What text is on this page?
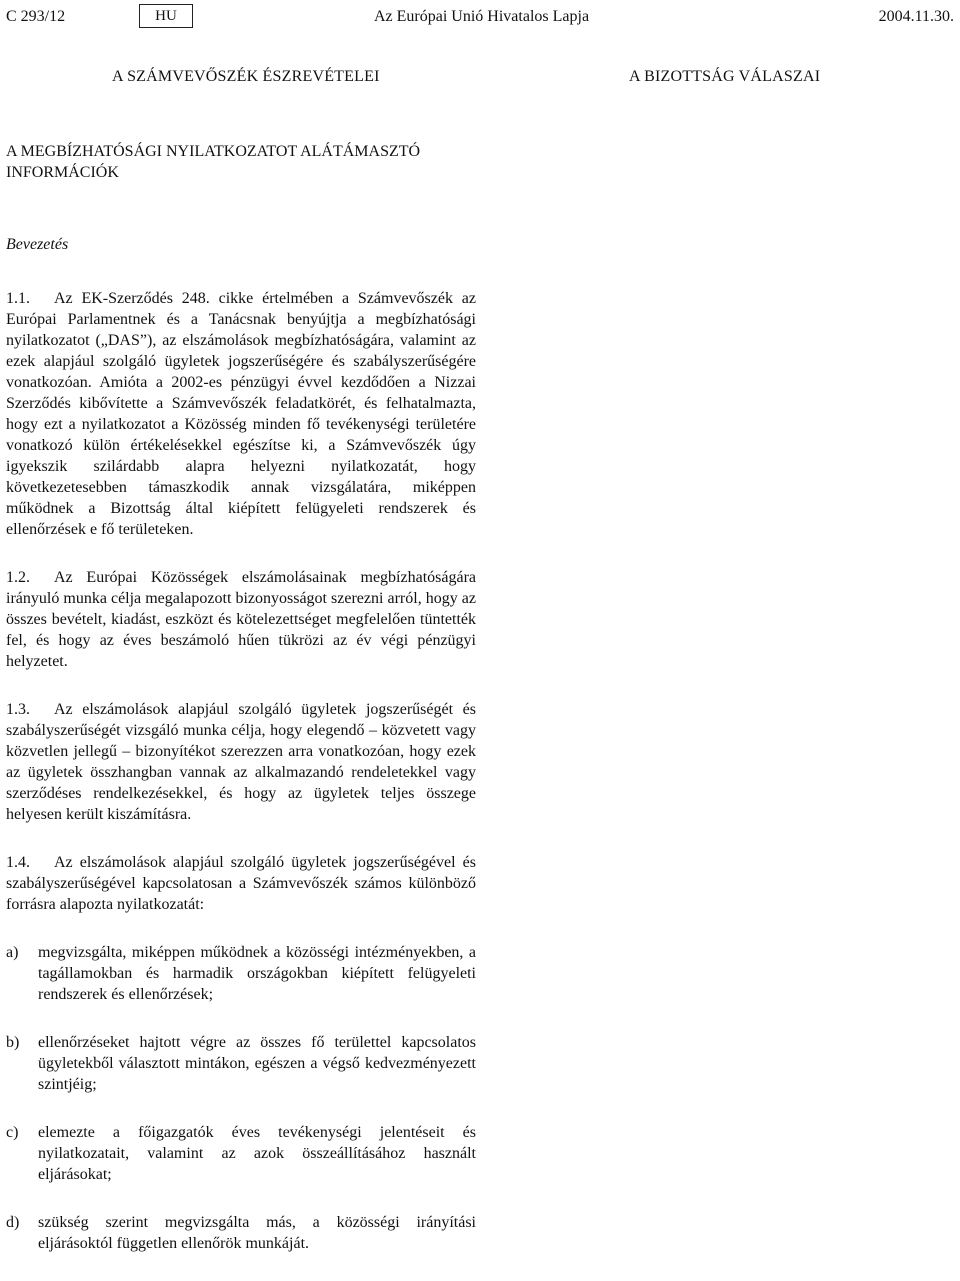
C 293/12	HU	Az Európai Unió Hivatalos Lapja	2004.11.30.
A SZÁMVEVŐSZÉK ÉSZREVÉTELEI	A BIZOTTSÁG VÁLASZAI
A MEGBÍZHATÓSÁGI NYILATKOZATOT ALÁTÁMASZTÓ INFORMÁCIÓK
Bevezetés

1.1. Az EK-Szerződés 248. cikke értelmében a Számvevőszék az Európai Parlamentnek és a Tanácsnak benyújtja a megbízhatósági nyilatkozatot („DAS”), az elszámolások megbízhatóságára, valamint az ezek alapjául szolgáló ügyletek jogszerűségére és szabályszerűségére vonatkozóan. Amióta a 2002-es pénzügyi évvel kezdődően a Nizzai Szerződés kibővítette a Számvevőszék feladatkörét, és felhatalmazta, hogy ezt a nyilatkozatot a Közösség minden fő tevékenységi területére vonatkozó külön értékelésekkel egészítse ki, a Számvevőszék úgy igyekszik szilárdabb alapra helyezni nyilatkozatát, hogy következetesebben támaszkodik annak vizsgálatára, miképpen működnek a Bizottság által kiépített felügyeleti rendszerek és ellenőrzések e fő területeken.

1.2. Az Európai Közösségek elszámolásainak megbízhatóságára irányuló munka célja megalapozott bizonyosságot szerezni arról, hogy az összes bevételt, kiadást, eszközt és kötelezettséget megfelelően tüntették fel, és hogy az éves beszámoló hűen tükrözi az év végi pénzügyi helyzetet.

1.3. Az elszámolások alapjául szolgáló ügyletek jogszerűségét és szabályszerűségét vizsgáló munka célja, hogy elegendő – közvetett vagy közvetlen jellegű – bizonyítékot szerezzen arra vonatkozóan, hogy ezek az ügyletek összhangban vannak az alkalmazandó rendeletekkel vagy szerződéses rendelkezésekkel, és hogy az ügyletek teljes összege helyesen került kiszámításra.

1.4. Az elszámolások alapjául szolgáló ügyletek jogszerűségével és szabályszerűségével kapcsolatosan a Számvevőszék számos különböző forrásra alapozta nyilatkozatát:

a)	megvizsgálta, miképpen működnek a közösségi intézményekben, a tagállamokban és harmadik országokban kiépített felügyeleti rendszerek és ellenőrzések;
b)	ellenőrzéseket hajtott végre az összes fő területtel kapcsolatos ügyletekből választott mintákon, egészen a végső kedvezményezett szintjéig;
c)	elemezte a főigazgatók éves tevékenységi jelentéseit és nyilatkozatait, valamint az azok összeállításához használt eljárásokat;
d)	szükség szerint megvizsgálta más, a közösségi irányítási eljárásoktól független ellenőrök munkáját.
